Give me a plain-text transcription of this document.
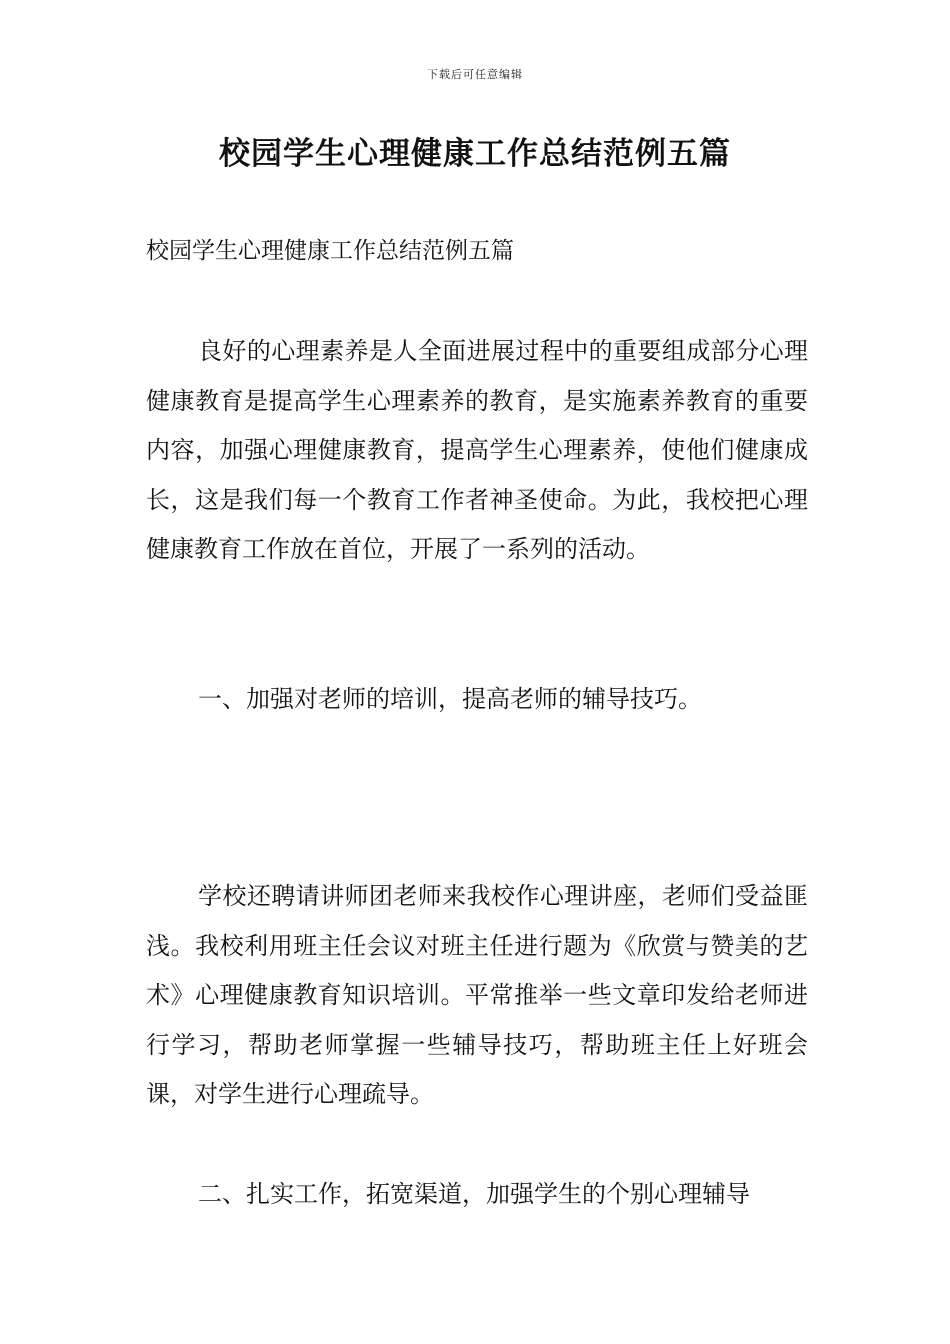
下载后可任意编辑
校园学生心理健康工作总结范例五篇

校园学生心理健康工作总结范例五篇

良好的心理素养是人全面进展过程中的重要组成部分心理健康教育是提高学生心理素养的教育，是实施素养教育的重要内容，加强心理健康教育，提高学生心理素养，使他们健康成长，这是我们每一个教育工作者神圣使命。为此，我校把心理健康教育工作放在首位，开展了一系列的活动。

一、加强对老师的培训，提高老师的辅导技巧。

学校还聘请讲师团老师来我校作心理讲座，老师们受益匪浅。我校利用班主任会议对班主任进行题为《欣赏与赞美的艺术》心理健康教育知识培训。平常推举一些文章印发给老师进行学习，帮助老师掌握一些辅导技巧，帮助班主任上好班会课，对学生进行心理疏导。

二、扎实工作，拓宽渠道，加强学生的个别心理辅导
